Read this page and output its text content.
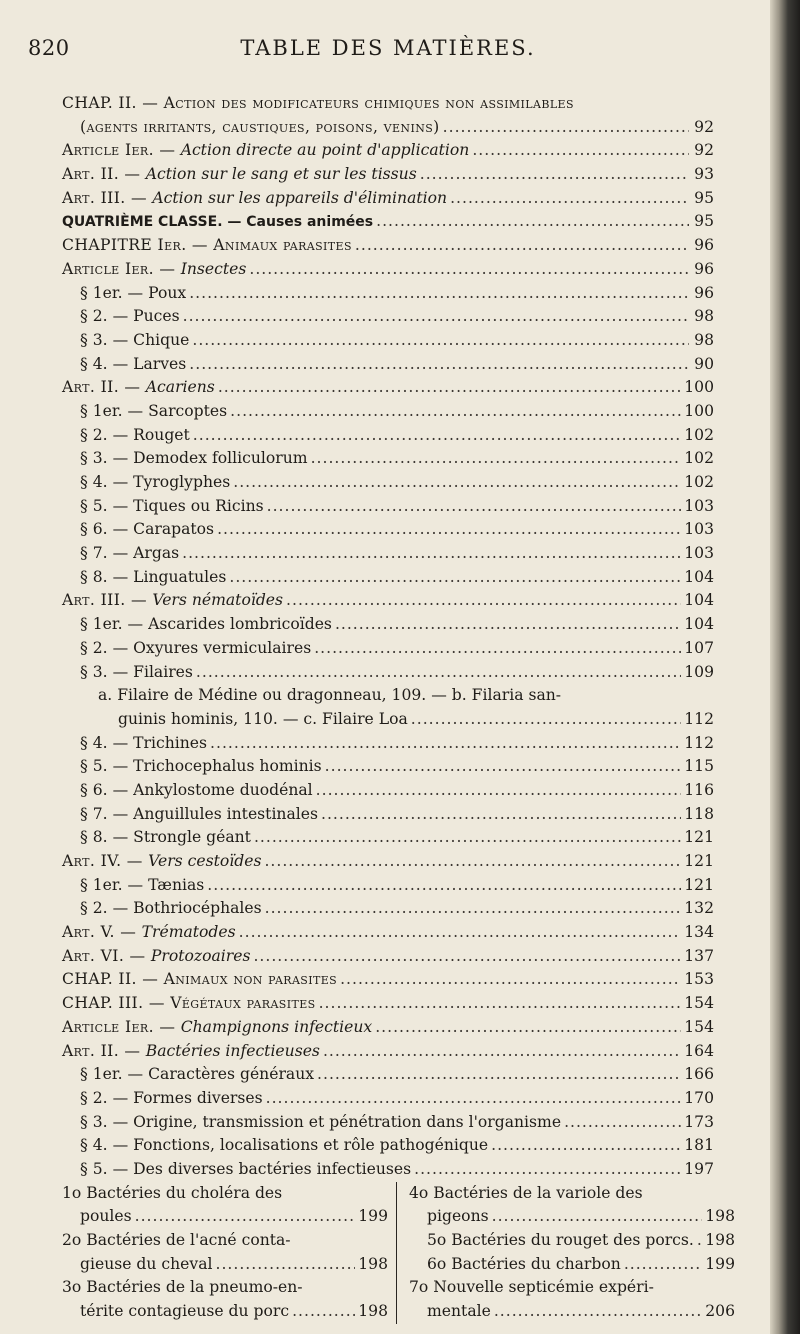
820	TABLE DES MATIÈRES.
CHAP. II. — Action des modificateurs chimiques non assimilables
(agents irritants, caustiques, poisons, venins) .....	92
Article Ier. — Action directe au point d'application .....	92
Art. II. — Action sur le sang et sur les tissus .....	93
Art. III. — Action sur les appareils d'élimination .....	95
QUATRIÈME CLASSE. — Causes animées .....	95
CHAPITRE Ier. — Animaux parasites .....	96
Article Ier. — Insectes .....	96
§ 1er. — Poux .....	96
§ 2. — Puces .....	98
§ 3. — Chique .....	98
§ 4. — Larves .....	90
Art. II. — Acariens .....	100
§ 1er. — Sarcoptes .....	100
§ 2. — Rouget .....	102
§ 3. — Demodex folliculorum .....	102
§ 4. — Tyroglyphes .....	102
§ 5. — Tiques ou Ricins .....	103
§ 6. — Carapatos .....	103
§ 7. — Argas .....	103
§ 8. — Linguatules .....	104
Art. III. — Vers nématoïdes .....	104
§ 1er. — Ascarides lombricoïdes .....	104
§ 2. — Oxyures vermiculaires .....	107
§ 3. — Filaires .....	109
a. Filaire de Médine ou dragonneau, 109. — b. Filaria san-
guinis hominis, 110. — c. Filaire Loa .....	112
§ 4. — Trichines .....	112
§ 5. — Trichocephalus hominis .....	115
§ 6. — Ankylostome duodénal .....	116
§ 7. — Anguillules intestinales .....	118
§ 8. — Strongle géant .....	121
Art. IV. — Vers cestoïdes .....	121
§ 1er. — Tænias .....	121
§ 2. — Bothriocéphales .....	132
Art. V. — Trématodes .....	134
Art. VI. — Protozoaires .....	137
CHAP. II. — Animaux non parasites .....	153
CHAP. III. — Végétaux parasites .....	154
Article Ier. — Champignons infectieux .....	154
Art. II. — Bactéries infectieuses .....	164
§ 1er. — Caractères généraux .....	166
§ 2. — Formes diverses .....	170
§ 3. — Origine, transmission et pénétration dans l'organisme .....	173
§ 4. — Fonctions, localisations et rôle pathogénique .....	181
§ 5. — Des diverses bactéries infectieuses .....	197
1o Bactéries du choléra des
poules .....	199
2o Bactéries de l'acné conta-
gieuse du cheval .....	198
3o Bactéries de la pneumo-en-
térite contagieuse du porc .....	198
4o Bactéries de la variole des
pigeons .....	198
5o Bactéries du rouget des porcs. ..... 198
6o Bactéries du charbon .....	199
7o Nouvelle septicémie expéri-
mentale .....	206
